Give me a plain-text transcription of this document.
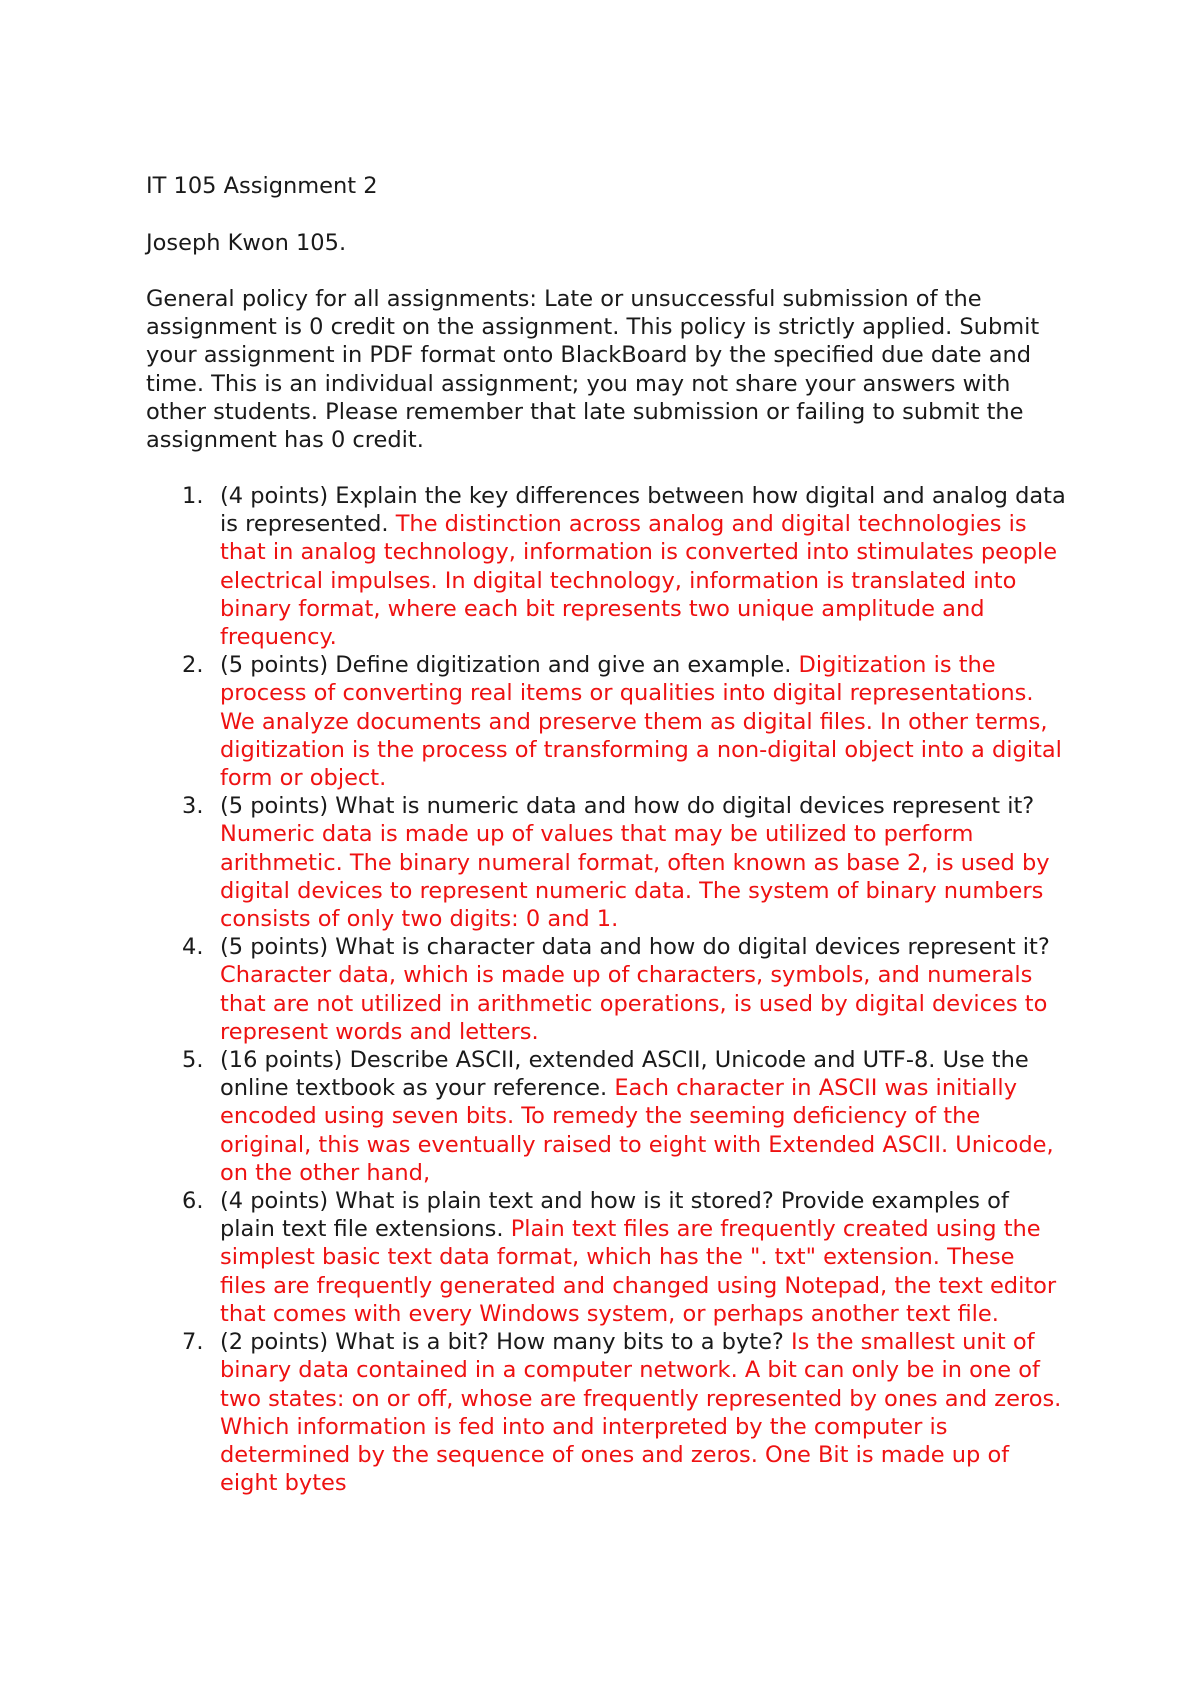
IT 105 Assignment 2

Joseph Kwon 105.

General policy for all assignments: Late or unsuccessful submission of the assignment is 0 credit on the assignment. This policy is strictly applied. Submit your assignment in PDF format onto BlackBoard by the specified due date and time. This is an individual assignment; you may not share your answers with other students. Please remember that late submission or failing to submit the assignment has 0 credit.

1. (4 points) Explain the key differences between how digital and analog data is represented. The distinction across analog and digital technologies is that in analog technology, information is converted into stimulates people electrical impulses. In digital technology, information is translated into binary format, where each bit represents two unique amplitude and frequency.
2. (5 points) Define digitization and give an example. Digitization is the process of converting real items or qualities into digital representations. We analyze documents and preserve them as digital files. In other terms, digitization is the process of transforming a non-digital object into a digital form or object.
3. (5 points) What is numeric data and how do digital devices represent it? Numeric data is made up of values that may be utilized to perform arithmetic. The binary numeral format, often known as base 2, is used by digital devices to represent numeric data. The system of binary numbers consists of only two digits: 0 and 1.
4. (5 points) What is character data and how do digital devices represent it? Character data, which is made up of characters, symbols, and numerals that are not utilized in arithmetic operations, is used by digital devices to represent words and letters.
5. (16 points) Describe ASCII, extended ASCII, Unicode and UTF-8. Use the online textbook as your reference. Each character in ASCII was initially encoded using seven bits. To remedy the seeming deficiency of the original, this was eventually raised to eight with Extended ASCII. Unicode, on the other hand,
6. (4 points) What is plain text and how is it stored? Provide examples of plain text file extensions. Plain text files are frequently created using the simplest basic text data format, which has the ". txt" extension. These files are frequently generated and changed using Notepad, the text editor that comes with every Windows system, or perhaps another text file.
7. (2 points) What is a bit? How many bits to a byte? Is the smallest unit of binary data contained in a computer network. A bit can only be in one of two states: on or off, whose are frequently represented by ones and zeros. Which information is fed into and interpreted by the computer is determined by the sequence of ones and zeros. One Bit is made up of eight bytes
